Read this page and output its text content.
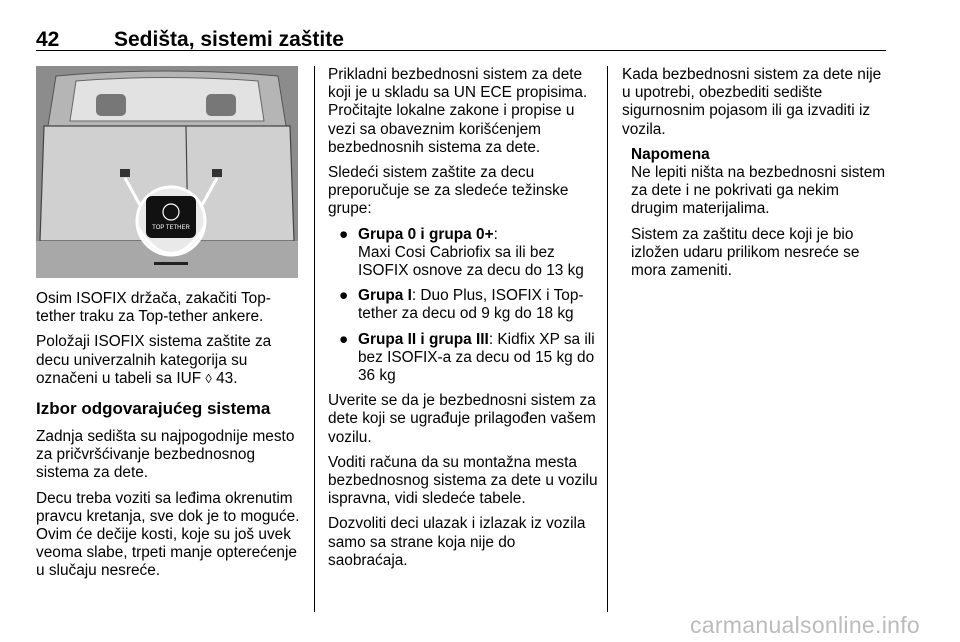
42	Sedišta, sistemi zaštite
TOP TETHER

Osim ISOFIX držača, zakačiti Top-tether traku za Top-tether ankere.

Položaji ISOFIX sistema zaštite za decu univerzalnih kategorija su označeni u tabeli sa IUF ◊ 43.

Izbor odgovarajućeg sistema

Zadnja sedišta su najpogodnije mesto za pričvršćivanje bezbednosnog sistema za dete.

Decu treba voziti sa leđima okrenutim pravcu kretanja, sve dok je to moguće. Ovim će dečije kosti, koje su još uvek veoma slabe, trpeti manje opterećenje u slučaju nesreće.

Prikladni bezbednosni sistem za dete koji je u skladu sa UN ECE propisima. Pročitajte lokalne zakone i propise u vezi sa obaveznim korišćenjem bezbednosnih sistema za dete.

Sledeći sistem zaštite za decu preporučuje se za sledeće težinske grupe:

● Grupa 0 i grupa 0+:
Maxi Cosi Cabriofix sa ili bez ISOFIX osnove za decu do 13 kg
● Grupa I: Duo Plus, ISOFIX i Top-tether za decu od 9 kg do 18 kg
● Grupa II i grupa III: Kidfix XP sa ili bez ISOFIX-a za decu od 15 kg do 36 kg

Uverite se da je bezbednosni sistem za dete koji se ugrađuje prilagođen vašem vozilu.

Voditi računa da su montažna mesta bezbednosnog sistema za dete u vozilu ispravna, vidi sledeće tabele.

Dozvoliti deci ulazak i izlazak iz vozila samo sa strane koja nije do saobraćaja.

Kada bezbednosni sistem za dete nije u upotrebi, obezbediti sedište sigurnosnim pojasom ili ga izvaditi iz vozila.

Napomena

Ne lepiti ništa na bezbednosni sistem za dete i ne pokrivati ga nekim drugim materijalima.

Sistem za zaštitu dece koji je bio izložen udaru prilikom nesreće se mora zameniti.

carmanualsonline.info
